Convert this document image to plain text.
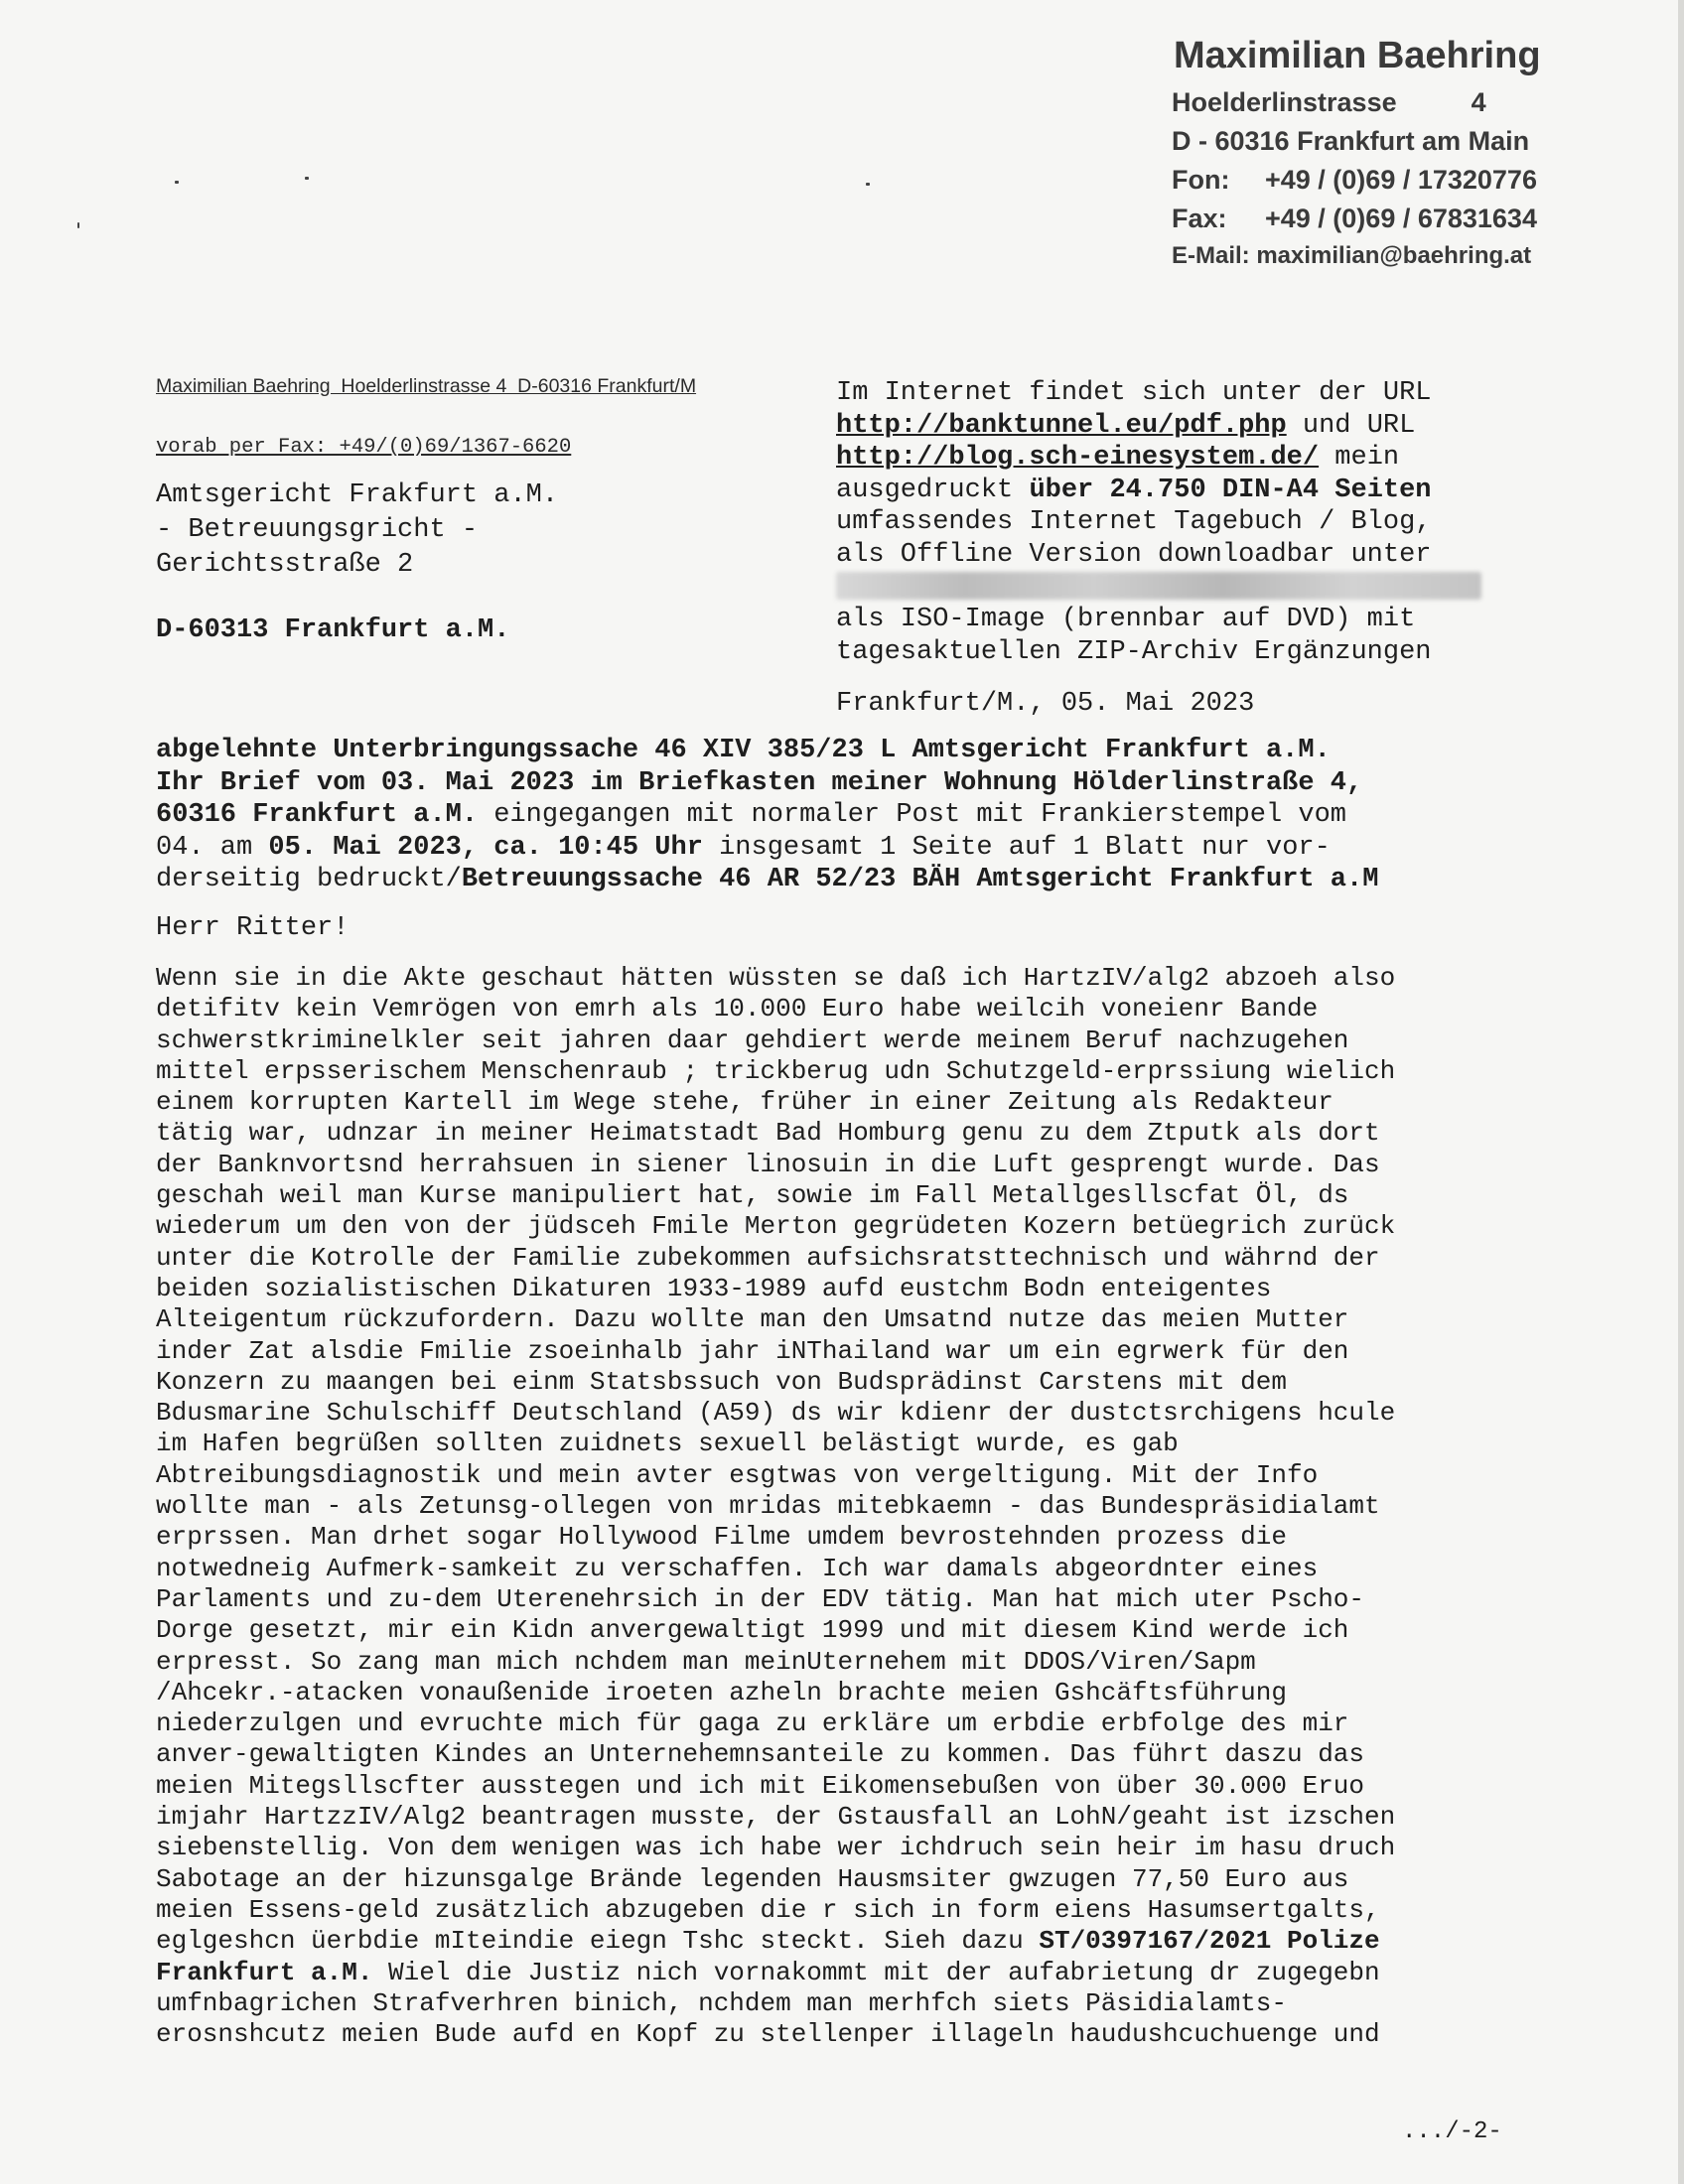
Maximilian Baehring
Hoelderlinstrasse          4
D - 60316 Frankfurt am Main
Fon:	+49 / (0)69 / 17320776
Fax:	+49 / (0)69 / 67831634
E-Mail: maximilian@baehring.at
Maximilian Baehring  Hoelderlinstrasse 4  D-60316 Frankfurt/M
vorab per Fax: +49/(0)69/1367-6620
Amtsgericht Frakfurt a.M.
- Betreuungsgricht -
Gerichtsstraße 2
D-60313 Frankfurt a.M.
Im Internet findet sich unter der URL
http://banktunnel.eu/pdf.php und URL
http://blog.sch-einesystem.de/ mein
ausgedruckt über 24.750 DIN-A4 Seiten
umfassendes Internet Tagebuch / Blog,
als Offline Version downloadbar unter
als ISO-Image (brennbar auf DVD) mit
tagesaktuellen ZIP-Archiv Ergänzungen
Frankfurt/M., 05. Mai 2023
abgelehnte Unterbringungssache 46 XIV 385/23 L Amtsgericht Frankfurt a.M.
Ihr Brief vom 03. Mai 2023 im Briefkasten meiner Wohnung Hölderlinstraße 4,
60316 Frankfurt a.M. eingegangen mit normaler Post mit Frankierstempel vom
04. am 05. Mai 2023, ca. 10:45 Uhr insgesamt 1 Seite auf 1 Blatt nur vor-
derseitig bedruckt/Betreuungssache 46 AR 52/23 BÄH Amtsgericht Frankfurt a.M
Herr Ritter!
Wenn sie in die Akte geschaut hätten wüssten se daß ich HartzIV/alg2 abzoeh also
detifitv kein Vemrögen von emrh als 10.000 Euro habe weilcih voneienr Bande
schwerstkriminelkler seit jahren daar gehdiert werde meinem Beruf nachzugehen
mittel erpsserischem Menschenraub ; trickberug udn Schutzgeld-erprssiung wielich
einem korrupten Kartell im Wege stehe, früher in einer Zeitung als Redakteur
tätig war, udnzar in meiner Heimatstadt Bad Homburg genu zu dem Ztputk als dort
der Banknvortsnd herrahsuen in siener linosuin in die Luft gesprengt wurde. Das
geschah weil man Kurse manipuliert hat, sowie im Fall Metallgesllscfat Öl, ds
wiederum um den von der jüdsceh Fmile Merton gegrüdeten Kozern betüegrich zurück
unter die Kotrolle der Familie zubekommen aufsichsratsttechnisch und währnd der
beiden sozialistischen Dikaturen 1933-1989 aufd eustchm Bodn enteigentes
Alteigentum rückzufordern. Dazu wollte man den Umsatnd nutze das meien Mutter
inder Zat alsdie Fmilie zsoeinhalb jahr iNThailand war um ein egrwerk für den
Konzern zu maangen bei einm Statsbssuch von Budsprädinst Carstens mit dem
Bdusmarine Schulschiff Deutschland (A59) ds wir kdienr der dustctsrchigens hcule
im Hafen begrüßen sollten zuidnets sexuell belästigt wurde, es gab
Abtreibungsdiagnostik und mein avter esgtwas von vergeltigung. Mit der Info
wollte man - als Zetunsg-ollegen von mridas mitebkaemn - das Bundespräsidialamt
erprssen. Man drhet sogar Hollywood Filme umdem bevrostehnden prozess die
notwedneig Aufmerk-samkeit zu verschaffen. Ich war damals abgeordnter eines
Parlaments und zu-dem Uterenehrsich in der EDV tätig. Man hat mich uter Pscho-
Dorge gesetzt, mir ein Kidn anvergewaltigt 1999 und mit diesem Kind werde ich
erpresst. So zang man mich nchdem man meinUternehem mit DDOS/Viren/Sapm
/Ahcekr.-atacken vonaußenide iroeten azheln brachte meien Gshcäftsführung
niederzulgen und evruchte mich für gaga zu erkläre um erbdie erbfolge des mir
anver-gewaltigten Kindes an Unternehemnsanteile zu kommen. Das führt daszu das
meien Mitegsllscfter ausstegen und ich mit Eikomensebußen von über 30.000 Eruo
imjahr HartzzIV/Alg2 beantragen musste, der Gstausfall an LohN/geaht ist izschen
siebenstellig. Von dem wenigen was ich habe wer ichdruch sein heir im hasu druch
Sabotage an der hizunsgalge Brände legenden Hausmsiter gwzugen 77,50 Euro aus
meien Essens-geld zusätzlich abzugeben die r sich in form eiens Hasumsertgalts,
eglgeshcn üerbdie mIteindie eiegn Tshc steckt. Sieh dazu ST/0397167/2021 Polize
Frankfurt a.M. Wiel die Justiz nich vornakommt mit der aufabrietung dr zugegebn
umfnbagrichen Strafverhren binich, nchdem man merhfch siets Päsidialamts-
erosnshcutz meien Bude aufd en Kopf zu stellenper illageln haudushcuchuenge und
.../-2-
